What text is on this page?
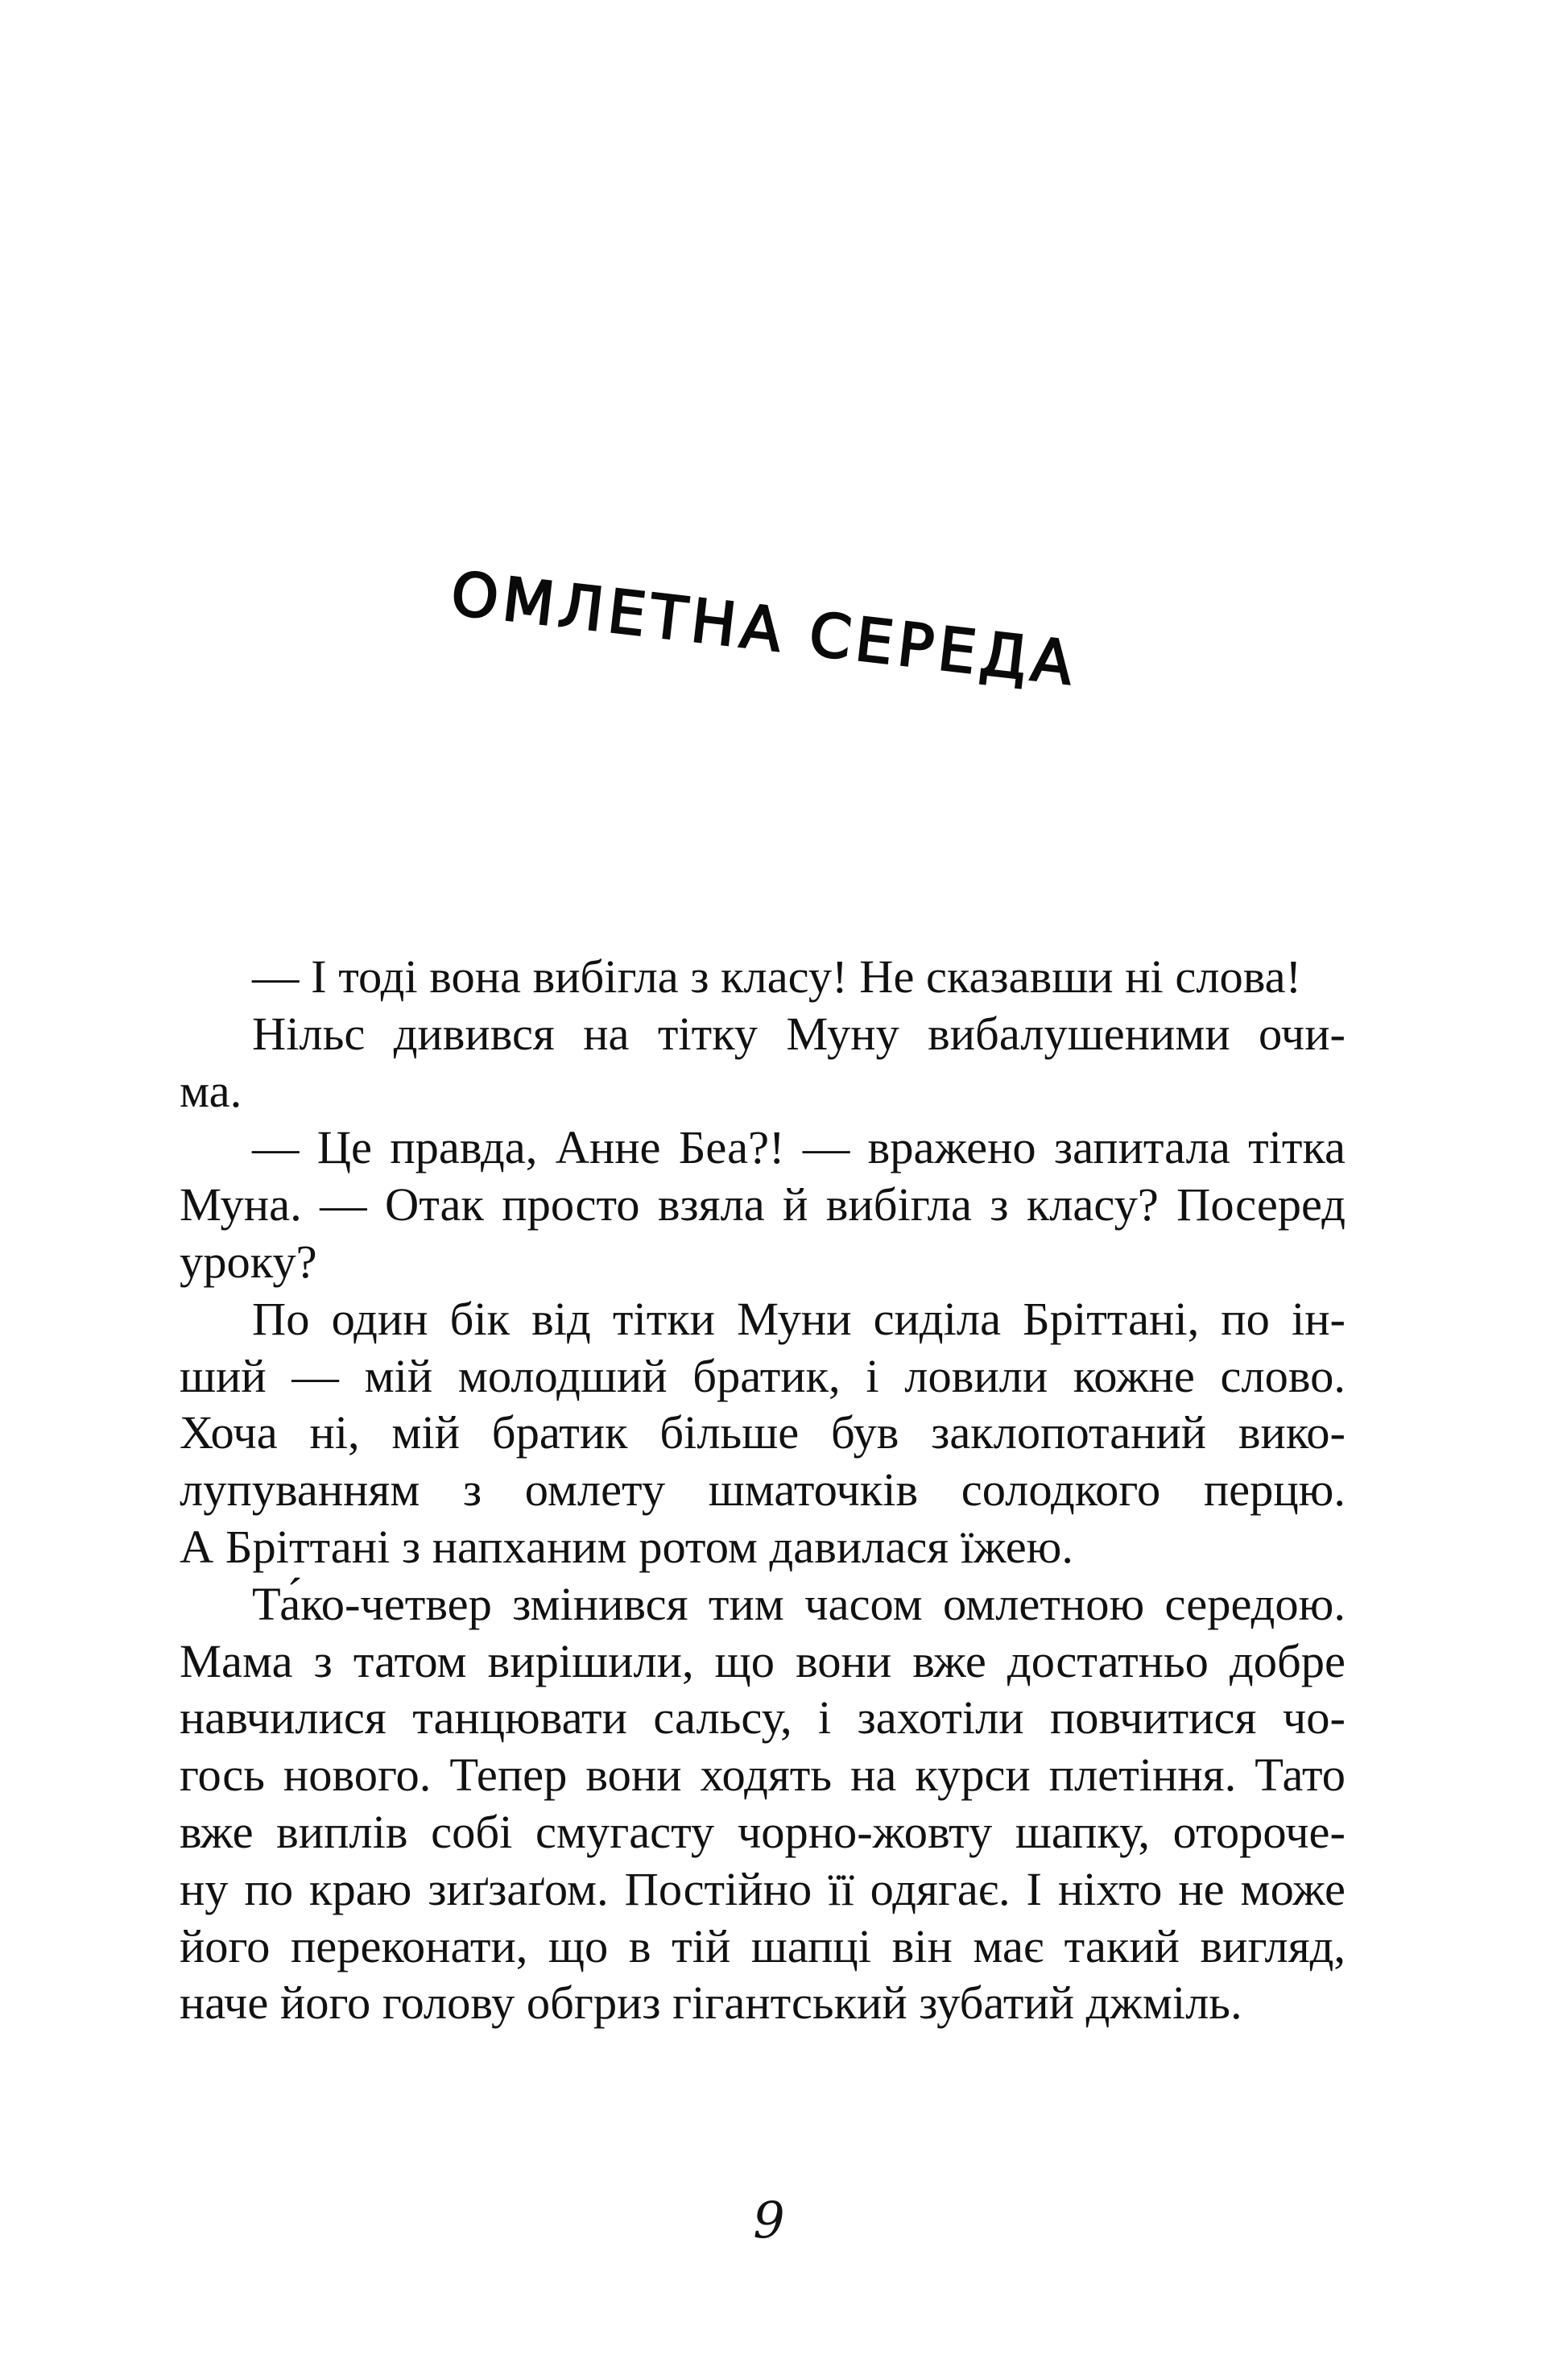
ОМЛЕТНА СЕРЕДА
— І тоді вона вибігла з класу! Не сказавши ні слова!
Нільс дивився на тітку Муну вибалушеними очи-
ма.
— Це правда, Анне Беа?! — вражено запитала тітка
Муна. — Отак просто взяла й вибігла з класу? Посеред
уроку?
По один бік від тітки Муни сиділа Бріттані, по ін-
ший — мій молодший братик, і ловили кожне слово.
Хоча ні, мій братик більше був заклопотаний вико-
лупуванням з омлету шматочків солодкого перцю.
А Бріттані з напханим ротом давилася їжею.
Та́ко-четвер змінився тим часом омлетною середою.
Мама з татом вирішили, що вони вже достатньо добре
навчилися танцювати сальсу, і захотіли повчитися чо-
гось нового. Тепер вони ходять на курси плетіння. Тато
вже виплів собі смугасту чорно-жовту шапку, отороче-
ну по краю зиґзаґом. Постійно її одягає. І ніхто не може
його переконати, що в тій шапці він має такий вигляд,
наче його голову обгриз гігантський зубатий джміль.
9
